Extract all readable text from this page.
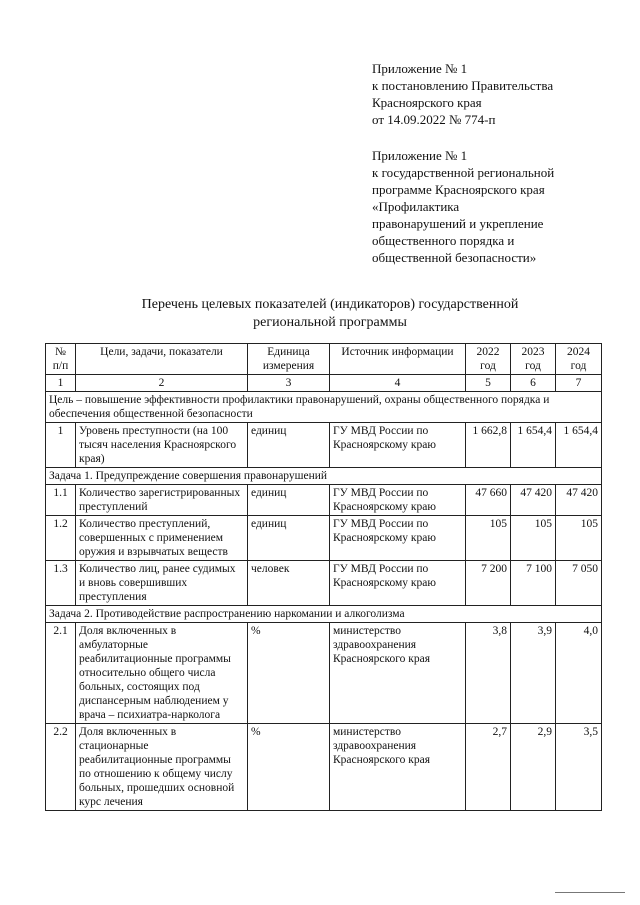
Приложение № 1
к постановлению Правительства
Красноярского края
от 14.09.2022 № 774-п
Приложение № 1
к государственной региональной
программе Красноярского края
«Профилактика
правонарушений и укрепление
общественного порядка и
общественной безопасности»
Перечень целевых показателей (индикаторов) государственной
региональной программы
№ п/п	Цели, задачи, показатели	Единица измерения	Источник информации	2022 год	2023 год	2024 год
1	2	3	4	5	6	7
Цель – повышение эффективности профилактики правонарушений, охраны общественного порядка и обеспечения общественной безопасности						
1	Уровень преступности (на 100 тысяч населения Красноярского края)	единиц	ГУ МВД России по Красноярскому краю	1 662,8	1 654,4	1 654,4
Задача 1. Предупреждение совершения правонарушений						
1.1	Количество зарегистрированных преступлений	единиц	ГУ МВД России по Красноярскому краю	47 660	47 420	47 420
1.2	Количество преступлений, совершенных с применением оружия и взрывчатых веществ	единиц	ГУ МВД России по Красноярскому краю	105	105	105
1.3	Количество лиц, ранее судимых и вновь совершивших преступления	человек	ГУ МВД России по Красноярскому краю	7 200	7 100	7 050
Задача 2. Противодействие распространению наркомании и алкоголизма						
2.1	Доля включенных в амбулаторные реабилитационные программы относительно общего числа больных, состоящих под диспансерным наблюдением у врача – психиатра-нарколога	%	министерство здравоохранения Красноярского края	3,8	3,9	4,0
2.2	Доля включенных в стационарные реабилитационные программы по отношению к общему числу больных, прошедших основной курс лечения	%	министерство здравоохранения Красноярского края	2,7	2,9	3,5
